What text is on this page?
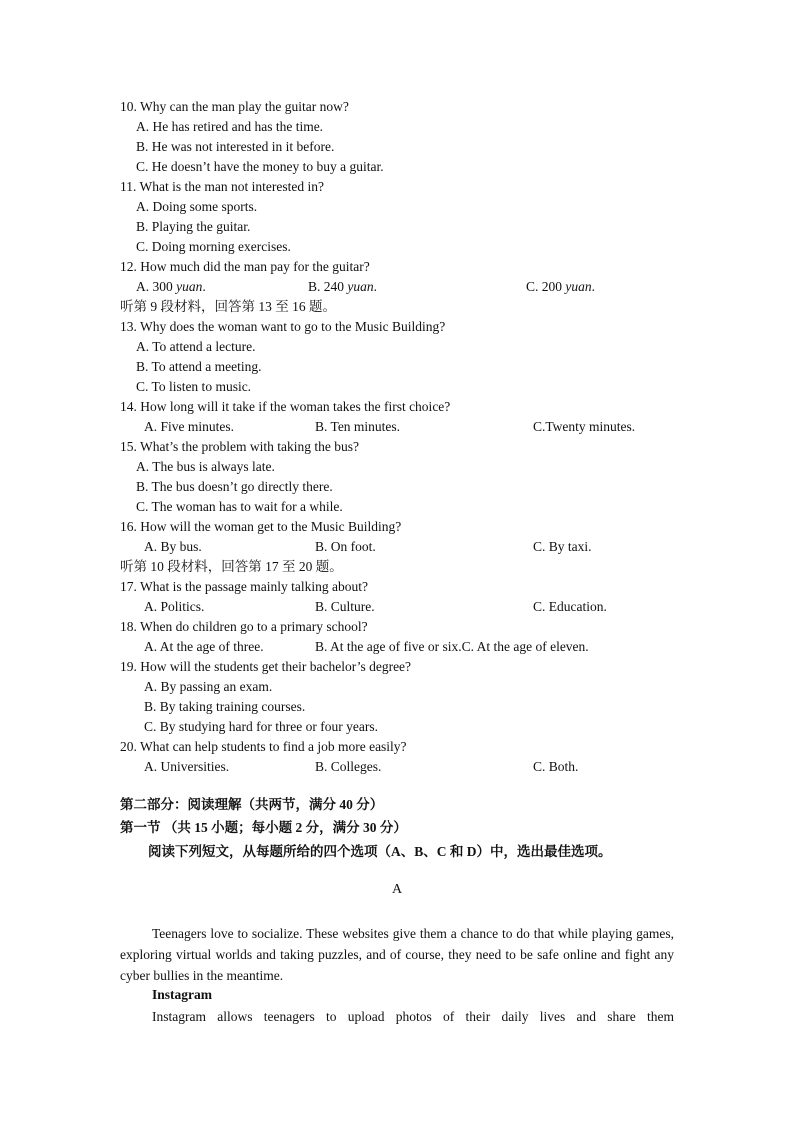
10. Why can the man play the guitar now?
A. He has retired and has the time.
B. He was not interested in it before.
C. He doesn’t have the money to buy a guitar.
11. What is the man not interested in?
A. Doing some sports.
B. Playing the guitar.
C. Doing morning exercises.
12. How much did the man pay for the guitar?
A. 300 yuan.	B. 240 yuan.	C. 200 yuan.
听第 9 段材料，回答第 13 至 16 题。
13. Why does the woman want to go to the Music Building?
A. To attend a lecture.
B. To attend a meeting.
C. To listen to music.
14. How long will it take if the woman takes the first choice?
A. Five minutes.	B. Ten minutes.	C.Twenty minutes.
15. What’s the problem with taking the bus?
A. The bus is always late.
B. The bus doesn’t go directly there.
C. The woman has to wait for a while.
16. How will the woman get to the Music Building?
A. By bus.	B. On foot.	C. By taxi.
听第 10 段材料，回答第 17 至 20 题。
17. What is the passage mainly talking about?
A. Politics.	B. Culture.	C. Education.
18. When do children go to a primary school?
A. At the age of three.	B. At the age of five or six.C. At the age of eleven.
19. How will the students get their bachelor’s degree?
A. By passing an exam.
B. By taking training courses.
C. By studying hard for three or four years.
20. What can help students to find a job more easily?
A. Universities.	B. Colleges.	C. Both.
第二部分：阅读理解（共两节，满分 40 分）
第一节 （共 15 小题；每小题 2 分，满分 30 分）
阅读下列短文，从每题所给的四个选项（A、B、C 和 D）中，选出最佳选项。
A
Teenagers love to socialize. These websites give them a chance to do that while playing games, exploring virtual worlds and taking puzzles, and of course, they need to be safe online and fight any cyber bullies in the meantime.
Instagram
Instagram allows teenagers to upload photos of their daily lives and share them
